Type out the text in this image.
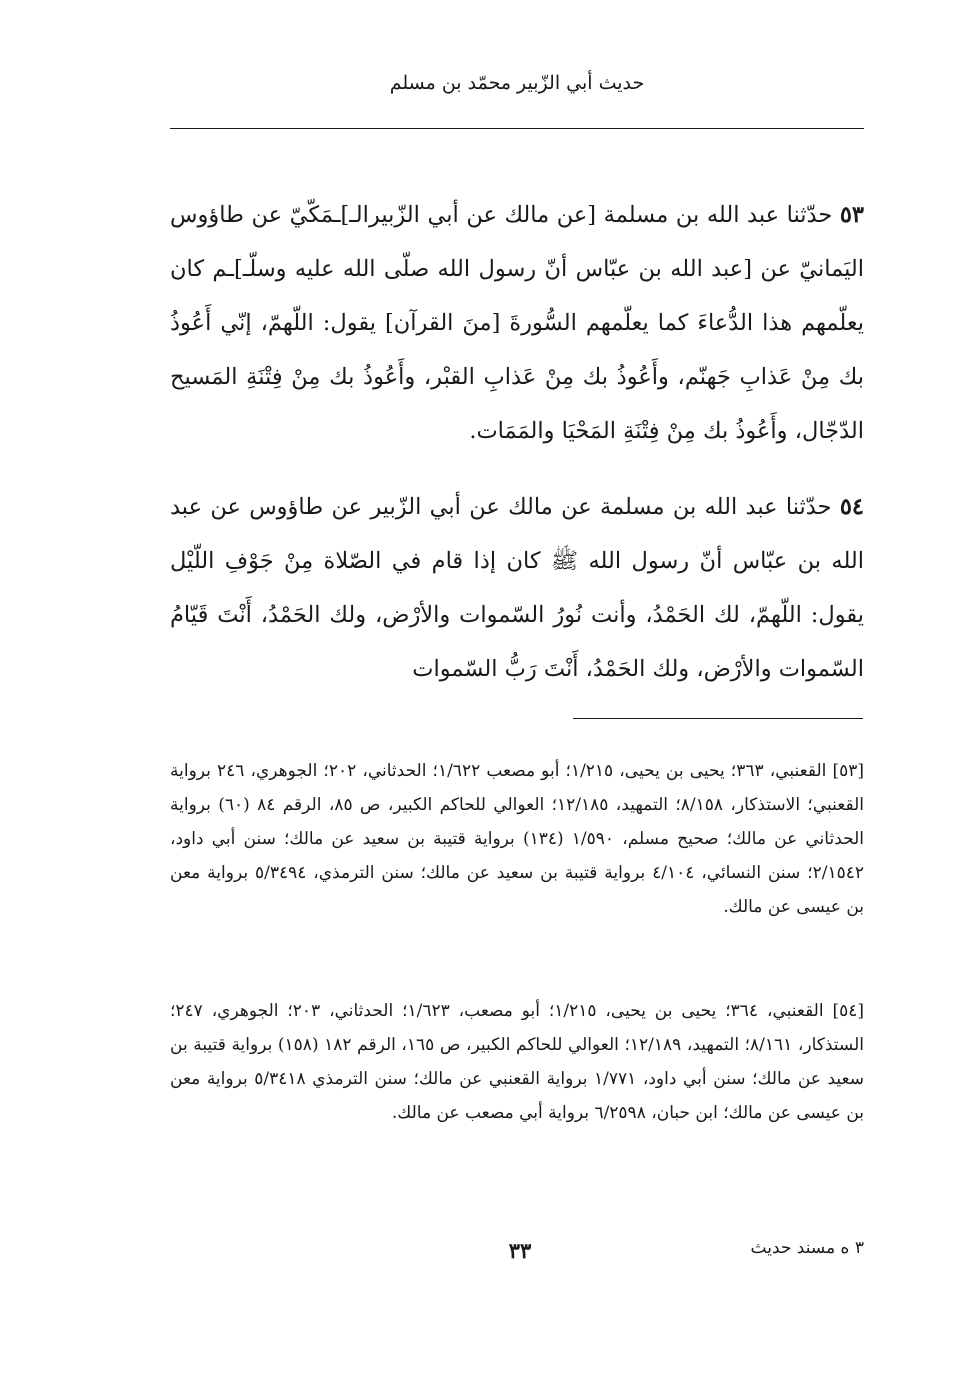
حديث أبي الزّبير محمّد بن مسلم
٥٣ حدّثنا عبد الله بن مسلمة [عن مالك عن أبي الزّبيرالـ]ـمَكّيّ عن طاؤوس اليَمانيّ عن [عبد الله بن عبّاس أنّ رسول الله صلّى الله عليه وسلّـ]ـم كان يعلّمهم هذا الدُّعاءَ كما يعلّمهم السُّورةَ [منَ القرآن] يقول: اللّهمّ، إنّي أَعُوذُ بك مِنْ عَذابِ جَهنّم، وأَعُوذُ بك مِنْ عَذابِ القبْر، وأَعُوذُ بك مِنْ فِتْنَةِ المَسيح الدّجّال، وأَعُوذُ بك مِنْ فِتْنَةِ المَحْيَا والمَمَات.
٥٤ حدّثنا عبد الله بن مسلمة عن مالك عن أبي الزّبير عن طاؤوس عن عبد الله بن عبّاس أنّ رسول الله ﷺ كان إذا قام في الصّلاة مِنْ جَوْفِ اللّيْل يقول: اللّهمّ، لك الحَمْدُ، وأنت نُورُ السّموات والأرْض، ولك الحَمْدُ، أَنْتَ قَيّامُ السّموات والأرْض، ولك الحَمْدُ، أَنْتَ رَبُّ السّموات
[٥٣] القعنبي، ٣٦٣؛ يحيى بن يحيى، ١/٢١٥؛ أبو مصعب ١/٦٢٢؛ الحدثاني، ٢٠٢؛ الجوهري، ٢٤٦ برواية القعنبي؛ الاستذكار، ٨/١٥٨؛ التمهيد، ١٢/١٨٥؛ العوالي للحاكم الكبير، ص ٨٥، الرقم ٨٤ (٦٠) برواية الحدثاني عن مالك؛ صحيح مسلم، ١/٥٩٠ (١٣٤) برواية قتيبة بن سعيد عن مالك؛ سنن أبي داود، ٢/١٥٤٢؛ سنن النسائي، ٤/١٠٤ برواية قتيبة بن سعيد عن مالك؛ سنن الترمذي، ٥/٣٤٩٤ برواية معن بن عيسى عن مالك.
[٥٤] القعنبي، ٣٦٤؛ يحيى بن يحيى، ١/٢١٥؛ أبو مصعب، ١/٦٢٣؛ الحدثاني، ٢٠٣؛ الجوهري، ٢٤٧؛ الستذكار، ٨/١٦١؛ التمهيد، ١٢/١٨٩؛ العوالي للحاكم الكبير، ص ١٦٥، الرقم ١٨٢ (١٥٨) برواية قتيبة بن سعيد عن مالك؛ سنن أبي داود، ١/٧٧١ برواية القعنبي عن مالك؛ سنن الترمذي ٥/٣٤١٨ برواية معن بن عيسى عن مالك؛ ابن حبان، ٦/٢٥٩٨ برواية أبي مصعب عن مالك.
٣٣	٣ ه مسند حديث
